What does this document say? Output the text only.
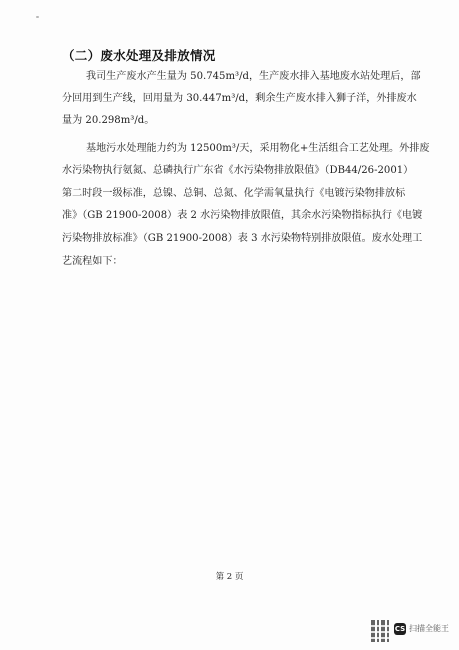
（二）废水处理及排放情况
我司生产废水产生量为 50.745m³/d，生产废水排入基地废水站处理后，部
分回用到生产线，回用量为 30.447m³/d，剩余生产废水排入狮子洋，外排废水
量为 20.298m³/d。
基地污水处理能力约为 12500m³/天，采用物化+生活组合工艺处理。外排废
水污染物执行氨氮、总磷执行广东省《水污染物排放限值》（DB44/26-2001）
第二时段一级标准，总镍、总铜、总氮、化学需氧量执行《电镀污染物排放标
准》（GB 21900-2008）表 2 水污染物排放限值，其余水污染物指标执行《电镀
污染物排放标准》（GB 21900-2008）表 3 水污染物特别排放限值。废水处理工
艺流程如下：
第 2 页
CS 扫描全能王
